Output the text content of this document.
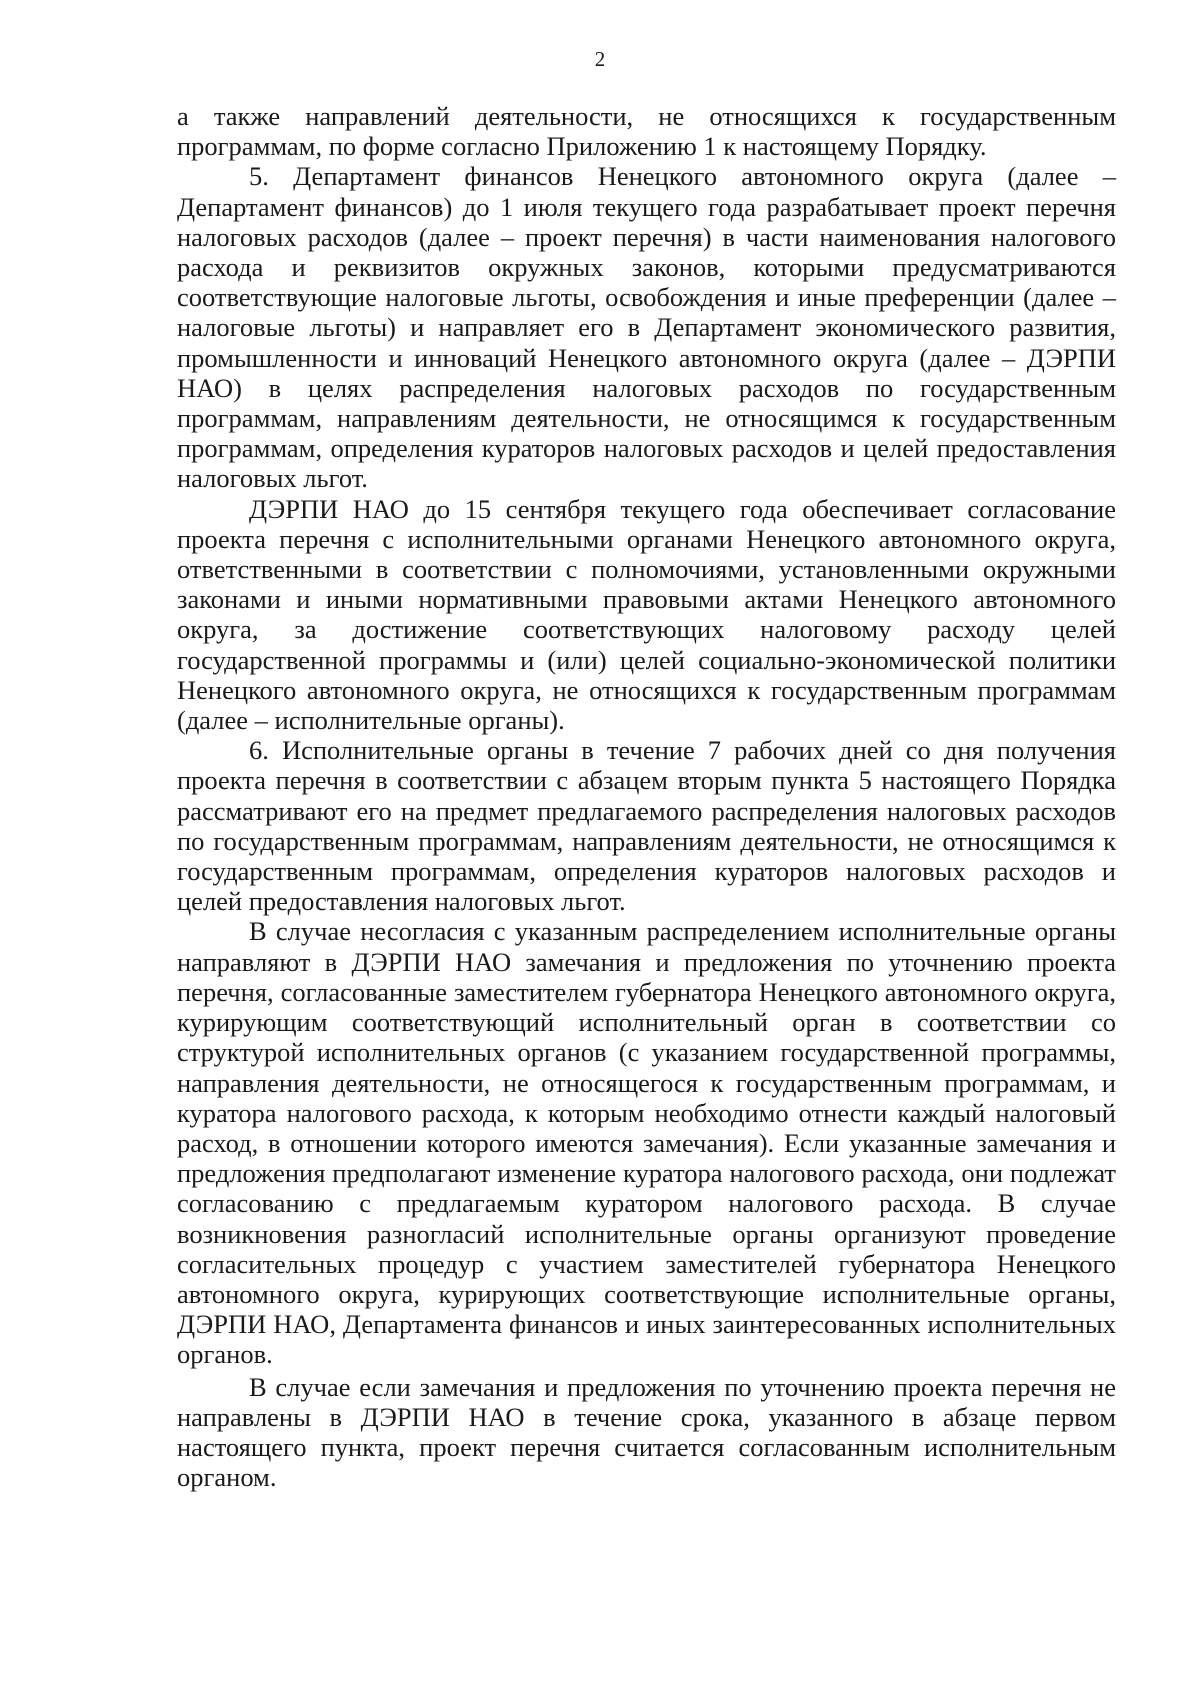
2

а также направлений деятельности, не относящихся к государственным программам, по форме согласно Приложению 1 к настоящему Порядку.

5. Департамент финансов Ненецкого автономного округа (далее – Департамент финансов) до 1 июля текущего года разрабатывает проект перечня налоговых расходов (далее – проект перечня) в части наименования налогового расхода и реквизитов окружных законов, которыми предусматриваются соответствующие налоговые льготы, освобождения и иные преференции (далее – налоговые льготы) и направляет его в Департамент экономического развития, промышленности и инноваций Ненецкого автономного округа (далее – ДЭРПИ НАО) в целях распределения налоговых расходов по государственным программам, направлениям деятельности, не относящимся к государственным программам, определения кураторов налоговых расходов и целей предоставления налоговых льгот.

ДЭРПИ НАО до 15 сентября текущего года обеспечивает согласование проекта перечня с исполнительными органами Ненецкого автономного округа, ответственными в соответствии с полномочиями, установленными окружными законами и иными нормативными правовыми актами Ненецкого автономного округа, за достижение соответствующих налоговому расходу целей государственной программы и (или) целей социально-экономической политики Ненецкого автономного округа, не относящихся к государственным программам (далее – исполнительные органы).

6. Исполнительные органы в течение 7 рабочих дней со дня получения проекта перечня в соответствии с абзацем вторым пункта 5 настоящего Порядка рассматривают его на предмет предлагаемого распределения налоговых расходов по государственным программам, направлениям деятельности, не относящимся к государственным программам, определения кураторов налоговых расходов и целей предоставления налоговых льгот.

В случае несогласия с указанным распределением исполнительные органы направляют в ДЭРПИ НАО замечания и предложения по уточнению проекта перечня, согласованные заместителем губернатора Ненецкого автономного округа, курирующим соответствующий исполнительный орган в соответствии со структурой исполнительных органов (с указанием государственной программы, направления деятельности, не относящегося к государственным программам, и куратора налогового расхода, к которым необходимо отнести каждый налоговый расход, в отношении которого имеются замечания). Если указанные замечания и предложения предполагают изменение куратора налогового расхода, они подлежат согласованию с предлагаемым куратором налогового расхода. В случае возникновения разногласий исполнительные органы организуют проведение согласительных процедур с участием заместителей губернатора Ненецкого автономного округа, курирующих соответствующие исполнительные органы, ДЭРПИ НАО, Департамента финансов и иных заинтересованных исполнительных органов.

В случае если замечания и предложения по уточнению проекта перечня не направлены в ДЭРПИ НАО в течение срока, указанного в абзаце первом настоящего пункта, проект перечня считается согласованным исполнительным органом.
